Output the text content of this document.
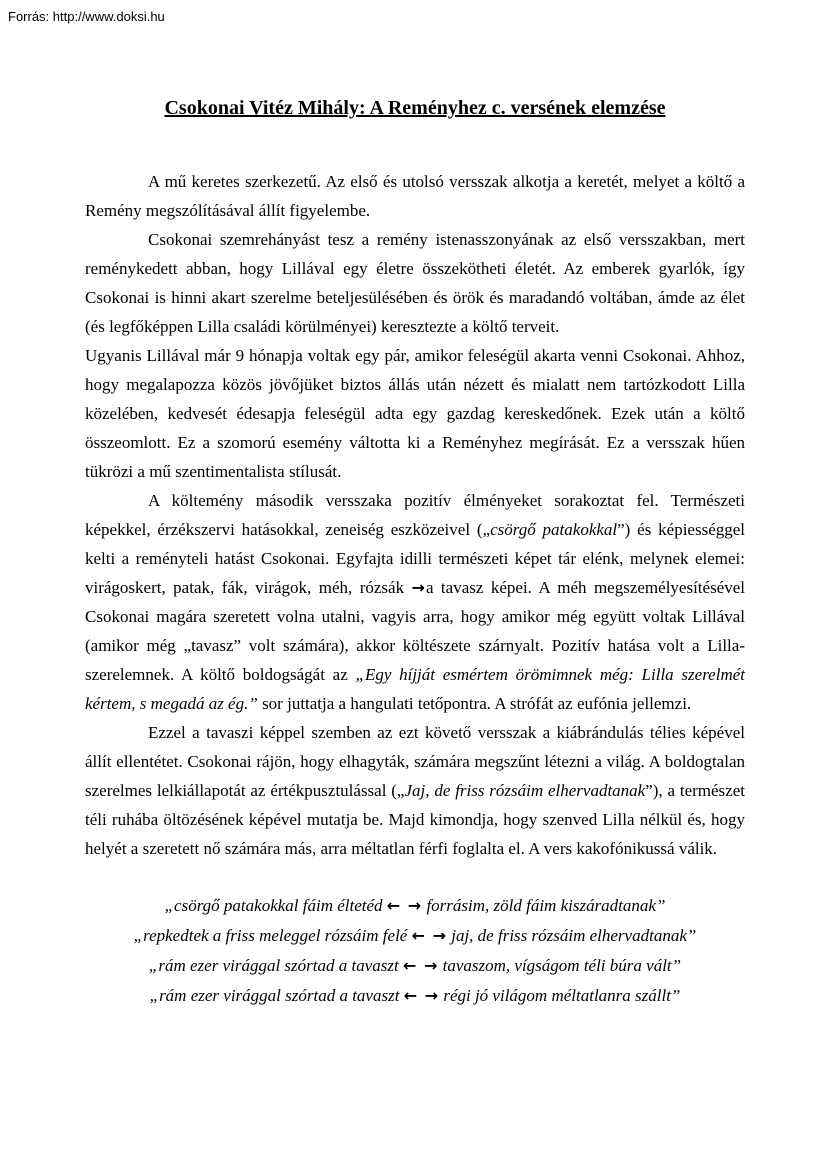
Forrás: http://www.doksi.hu
Csokonai Vitéz Mihály: A Reményhez c. versének elemzése

A mű keretes szerkezetű. Az első és utolsó versszak alkotja a keretét, melyet a költő a Remény megszólításával állít figyelembe.

Csokonai szemrehányást tesz a remény istenasszonyának az első versszakban, mert reménykedett abban, hogy Lillával egy életre összekötheti életét. Az emberek gyarlók, így Csokonai is hinni akart szerelme beteljesülésében és örök és maradandó voltában, ámde az élet (és legfőképpen Lilla családi körülményei) keresztezte a költő terveit.

Ugyanis Lillával már 9 hónapja voltak egy pár, amikor feleségül akarta venni Csokonai. Ahhoz, hogy megalapozza közös jövőjüket biztos állás után nézett és mialatt nem tartózkodott Lilla közelében, kedvesét édesapja feleségül adta egy gazdag kereskedőnek. Ezek után a költő összeomlott. Ez a szomorú esemény váltotta ki a Reményhez megírását. Ez a versszak hűen tükrözi a mű szentimentalista stílusát.

A költemény második versszaka pozitív élményeket sorakoztat fel. Természeti képekkel, érzékszervi hatásokkal, zeneiség eszközeivel („csörgő patakokkal”) és képiességgel kelti a reményteli hatást Csokonai. Egyfajta idilli természeti képet tár elénk, melynek elemei: virágoskert, patak, fák, virágok, méh, rózsák →a tavasz képei. A méh megszemélyesítésével Csokonai magára szeretett volna utalni, vagyis arra, hogy amikor még együtt voltak Lillával (amikor még „tavasz” volt számára), akkor költészete szárnyalt. Pozitív hatása volt a Lilla-szerelemnek. A költő boldogságát az „Egy híjját esmértem örömimnek még: Lilla szerelmét kértem, s megadá az ég.” sor juttatja a hangulati tetőpontra. A strófát az eufónia jellemzi.

Ezzel a tavaszi képpel szemben az ezt követő versszak a kiábrándulás télies képével állít ellentétet. Csokonai rájön, hogy elhagyták, számára megszűnt létezni a világ. A boldogtalan szerelmes lelkiállapotát az értékpusztulással („Jaj, de friss rózsáim elhervadtanak”), a természet téli ruhába öltözésének képével mutatja be. Majd kimondja, hogy szenved Lilla nélkül és, hogy helyét a szeretett nő számára más, arra méltatlan férfi foglalta el. A vers kakofónikussá válik.

„csörgő patakokkal fáim éltetéd ← → forrásim, zöld fáim kiszáradtanak”

„repkedtek a friss meleggel rózsáim felé ← → jaj, de friss rózsáim elhervadtanak”

„rám ezer virággal szórtad a tavaszt ← → tavaszom, vígságom téli búra vált”

„rám ezer virággal szórtad a tavaszt ← → régi jó világom méltatlanra szállt”
